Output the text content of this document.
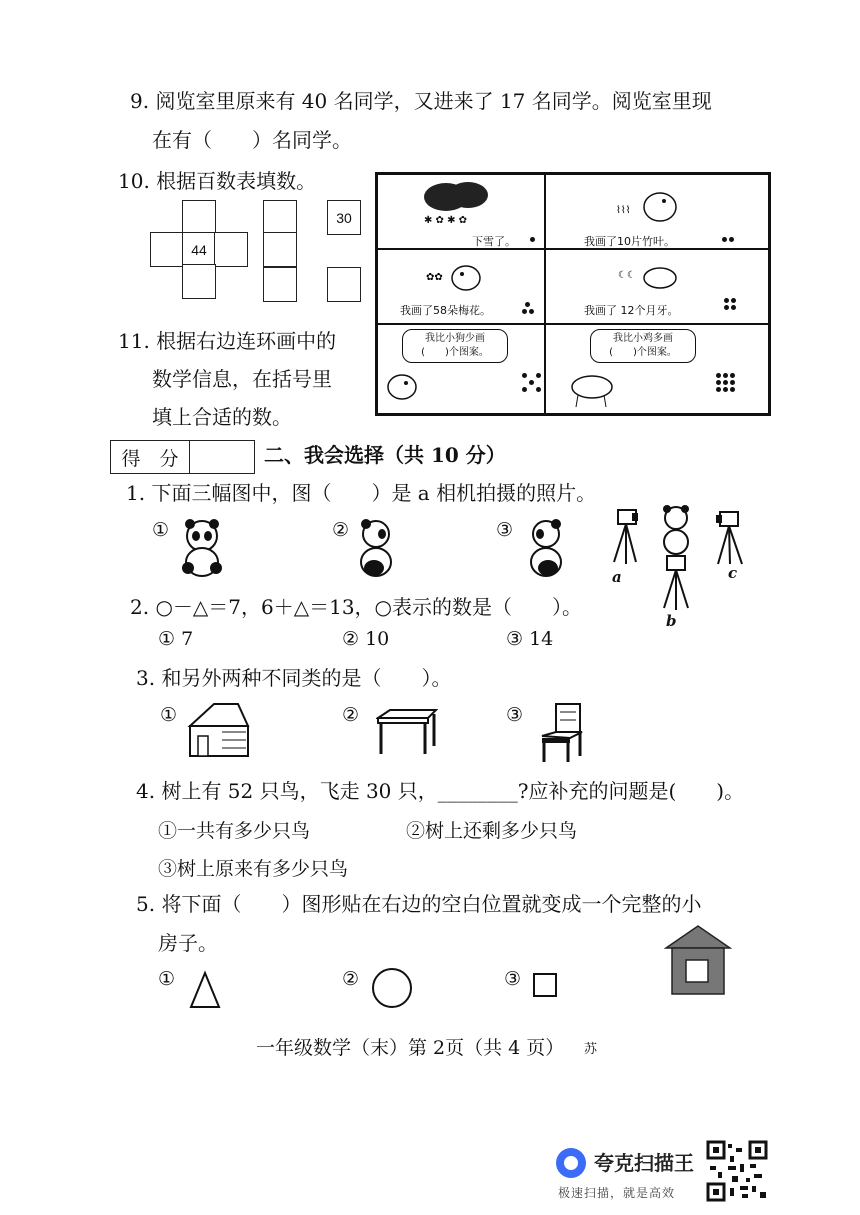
9. 阅览室里原来有 40 名同学，又进来了 17 名同学。阅览室里现
在有（　　）名同学。
10. 根据百数表填数。
44
30
11. 根据右边连环画中的
数学信息，在括号里
填上合适的数。
✱ ✿ ✱ ✿
下雪了。
⌇⌇⌇
我画了10片竹叶。
✿✿
我画了58朵梅花。
☾☾
我画了 12个月牙。
我比小狗少画
(　　)个图案。
我比小鸡多画
(　　)个图案。
得　分	二、我会选择（共 10 分）
1. 下面三幅图中，图（　　）是 a 相机拍摄的照片。
①	②	③
a
b
c
2. ○－△＝7，6＋△＝13，○表示的数是（　　）。
① 7	② 10	③ 14
3. 和另外两种不同类的是（　　）。
①	②	③
4. 树上有 52 只鸟，飞走 30 只，________?应补充的问题是(　　)。
①一共有多少只鸟	②树上还剩多少只鸟
③树上原来有多少只鸟
5. 将下面（　　）图形贴在右边的空白位置就变成一个完整的小
房子。
①	②	③
一年级数学（末）第 2页（共 4 页） 苏
夸克扫描王
极速扫描，就是高效
